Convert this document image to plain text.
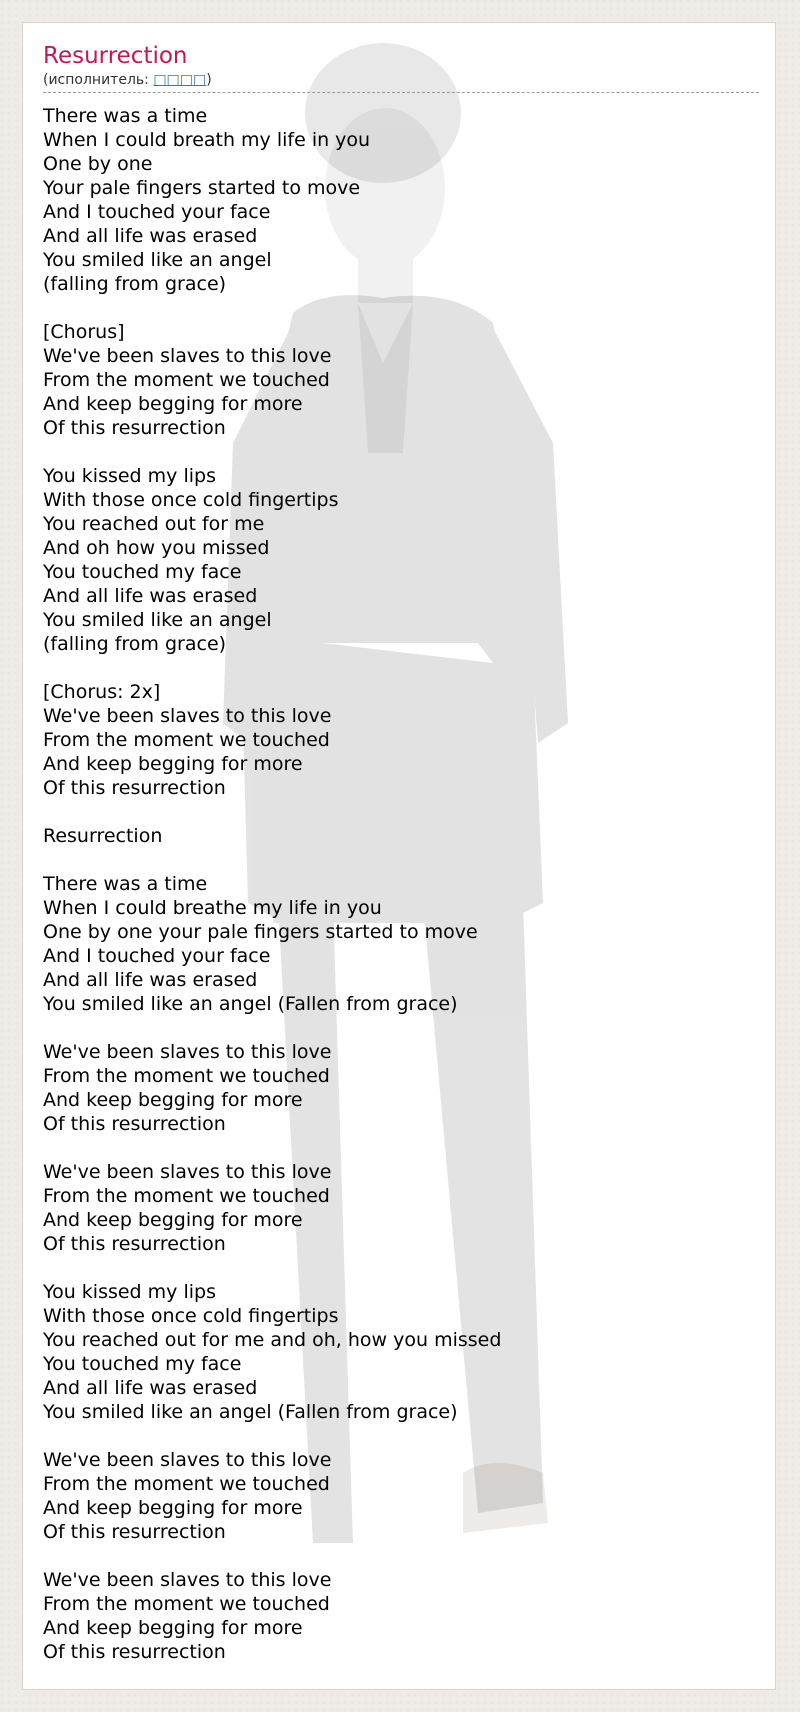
Resurrection
(исполнитель: □□□□)
There was a time
When I could breath my life in you
One by one
Your pale fingers started to move
And I touched your face
And all life was erased
You smiled like an angel
(falling from grace)
[Chorus]
We've been slaves to this love
From the moment we touched
And keep begging for more
Of this resurrection
You kissed my lips
With those once cold fingertips
You reached out for me
And oh how you missed
You touched my face
And all life was erased
You smiled like an angel
(falling from grace)
[Chorus: 2x]
We've been slaves to this love
From the moment we touched
And keep begging for more
Of this resurrection
Resurrection
There was a time
When I could breathe my life in you
One by one your pale fingers started to move
And I touched your face
And all life was erased
You smiled like an angel (Fallen from grace)
We've been slaves to this love
From the moment we touched
And keep begging for more
Of this resurrection
We've been slaves to this love
From the moment we touched
And keep begging for more
Of this resurrection
You kissed my lips
With those once cold fingertips
You reached out for me and oh, how you missed
You touched my face
And all life was erased
You smiled like an angel (Fallen from grace)
We've been slaves to this love
From the moment we touched
And keep begging for more
Of this resurrection
We've been slaves to this love
From the moment we touched
And keep begging for more
Of this resurrection
